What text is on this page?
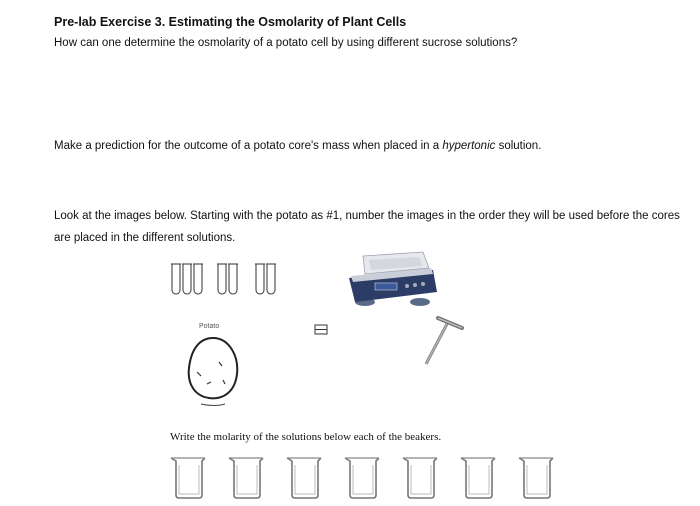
Pre-lab Exercise 3. Estimating the Osmolarity of Plant Cells
How can one determine the osmolarity of a potato cell by using different sucrose solutions?
Make a prediction for the outcome of a potato core's mass when placed in a hypertonic solution.
Look at the images below. Starting with the potato as #1, number the images in the order they will be used before the cores are placed in the different solutions.
Potato
Write the molarity of the solutions below each of the beakers.
